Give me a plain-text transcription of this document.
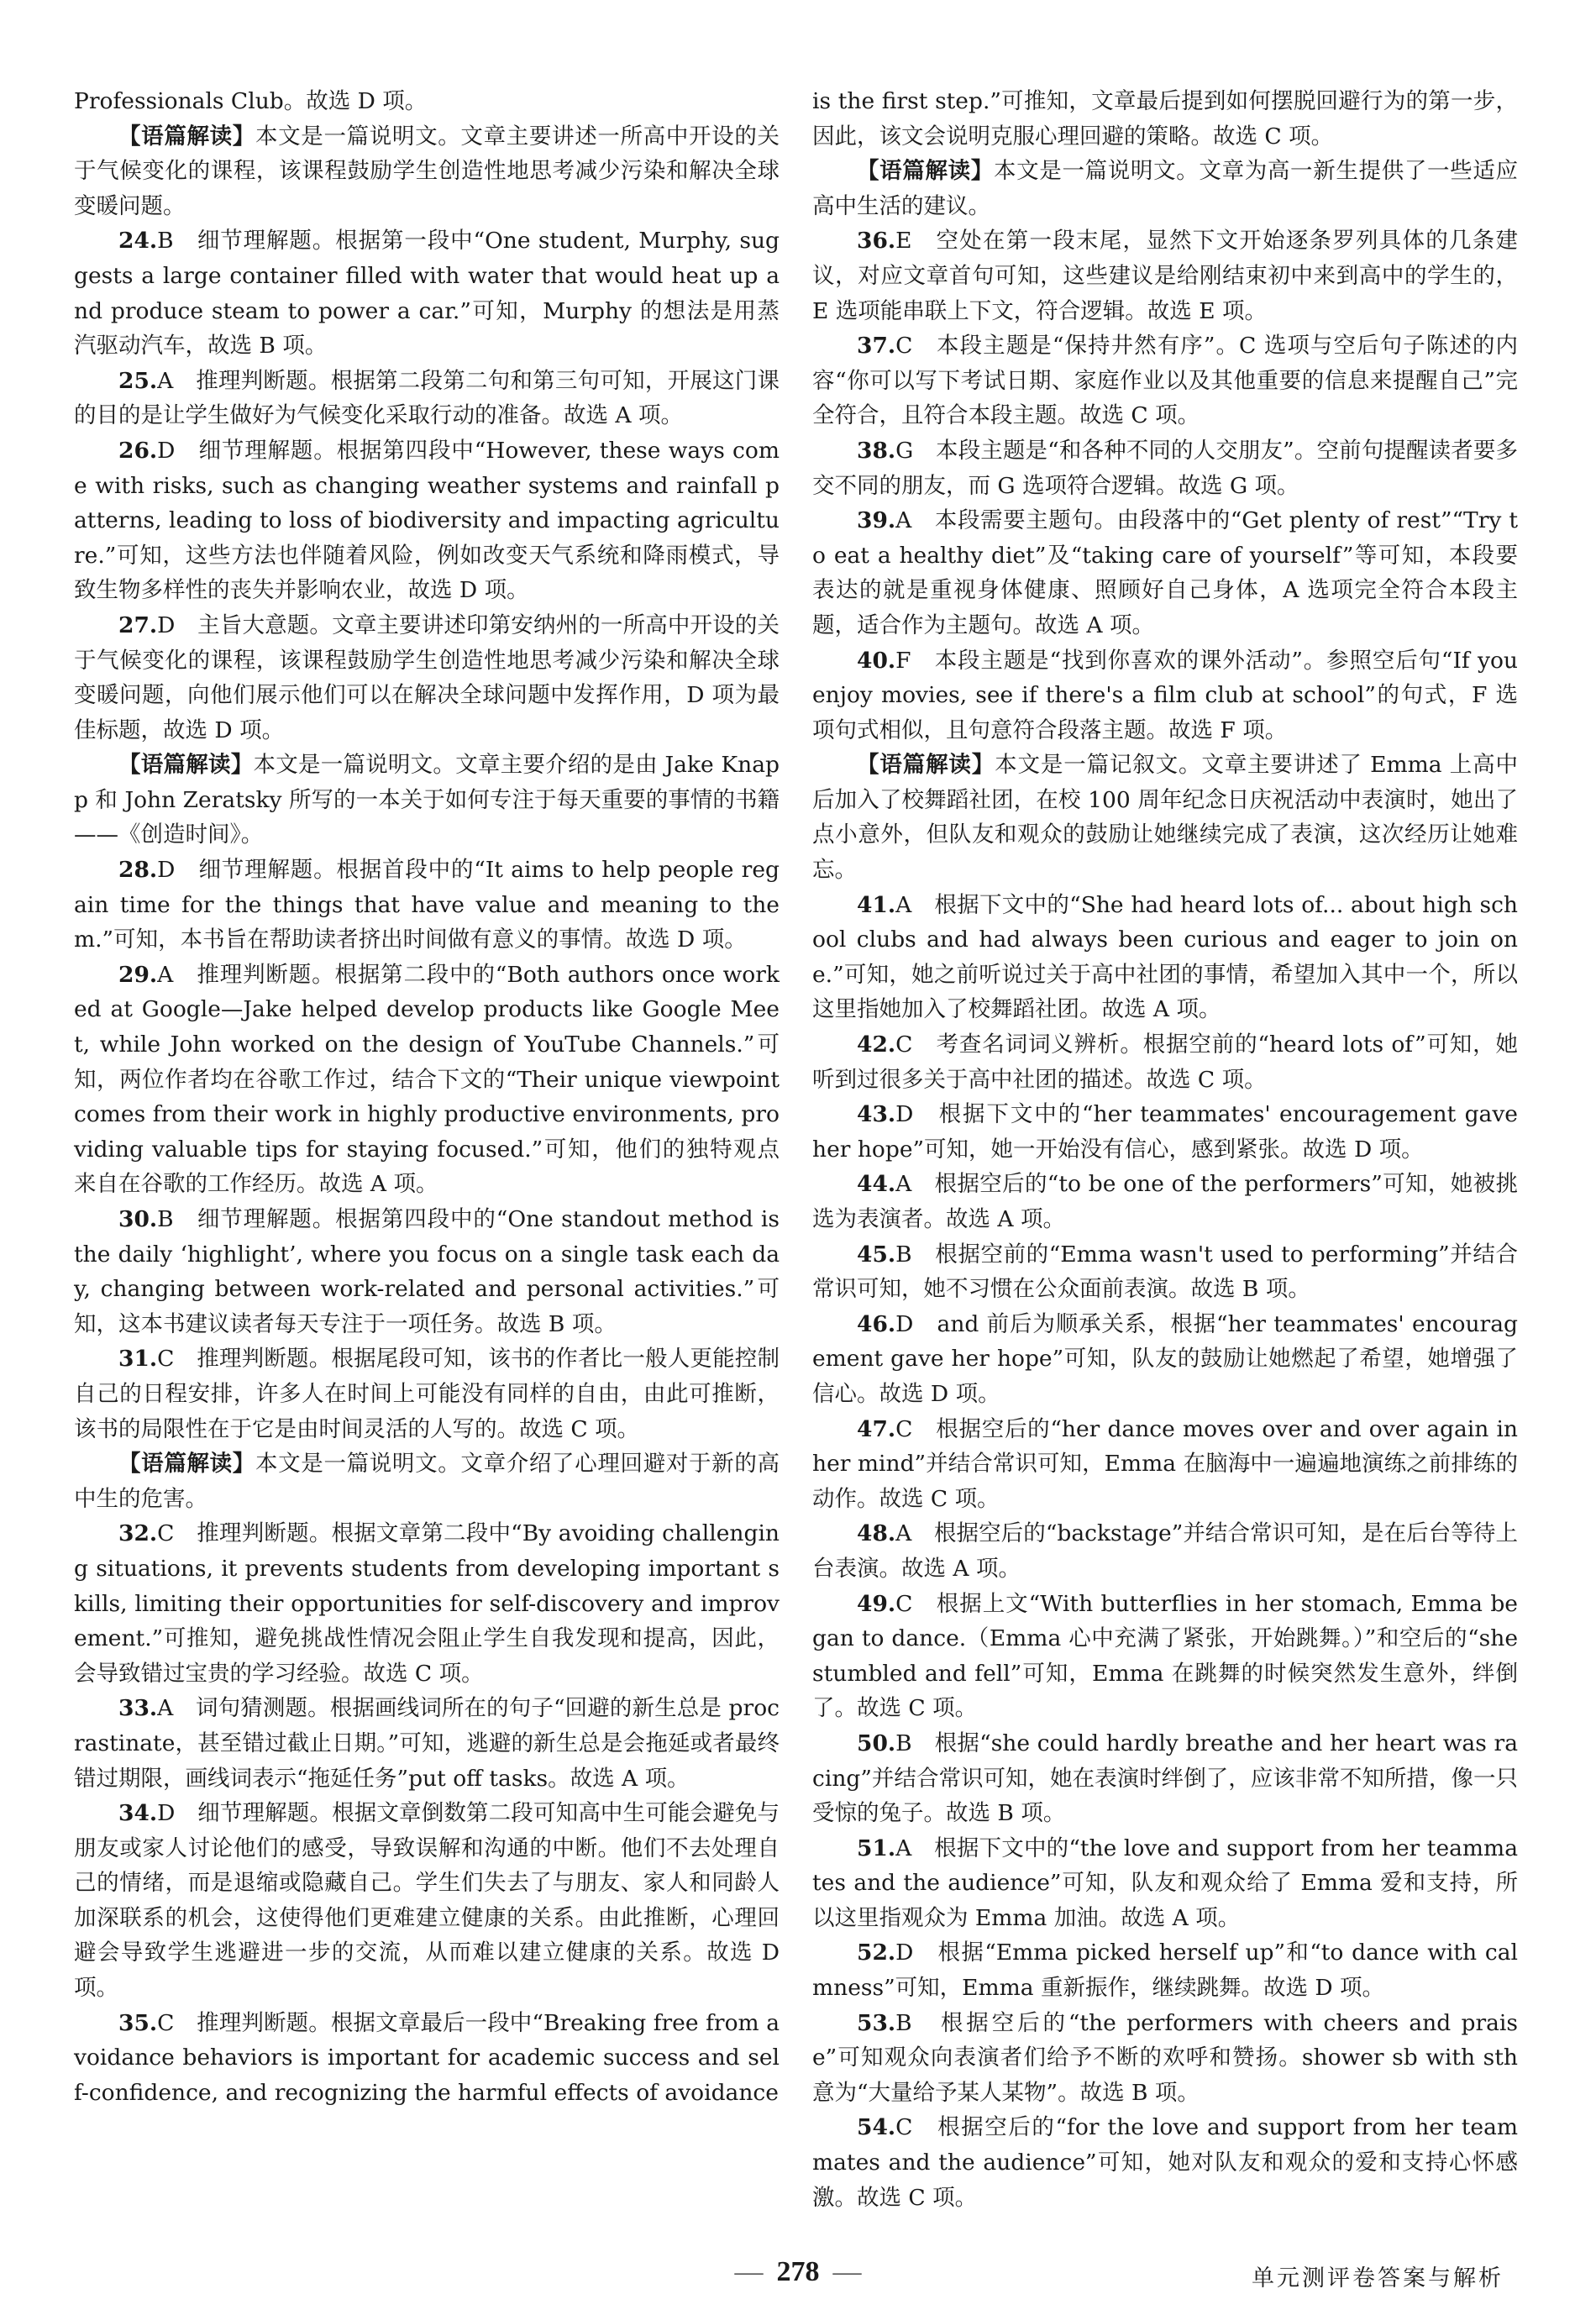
Professionals Club。故选 D 项。

【语篇解读】本文是一篇说明文。文章主要讲述一所高中开设的关于气候变化的课程，该课程鼓励学生创造性地思考减少污染和解决全球变暖问题。

24.B　细节理解题。根据第一段中“One student, Murphy, suggests a large container filled with water that would heat up and produce steam to power a car.”可知，Murphy 的想法是用蒸汽驱动汽车，故选 B 项。

25.A　推理判断题。根据第二段第二句和第三句可知，开展这门课的目的是让学生做好为气候变化采取行动的准备。故选 A 项。

26.D　细节理解题。根据第四段中“However, these ways come with risks, such as changing weather systems and rainfall patterns, leading to loss of biodiversity and impacting agriculture.”可知，这些方法也伴随着风险，例如改变天气系统和降雨模式，导致生物多样性的丧失并影响农业，故选 D 项。

27.D　主旨大意题。文章主要讲述印第安纳州的一所高中开设的关于气候变化的课程，该课程鼓励学生创造性地思考减少污染和解决全球变暖问题，向他们展示他们可以在解决全球问题中发挥作用，D 项为最佳标题，故选 D 项。

【语篇解读】本文是一篇说明文。文章主要介绍的是由 Jake Knapp 和 John Zeratsky 所写的一本关于如何专注于每天重要的事情的书籍——《创造时间》。

28.D　细节理解题。根据首段中的“It aims to help people regain time for the things that have value and meaning to them.”可知，本书旨在帮助读者挤出时间做有意义的事情。故选 D 项。

29.A　推理判断题。根据第二段中的“Both authors once worked at Google—Jake helped develop products like Google Meet, while John worked on the design of YouTube Channels.”可知，两位作者均在谷歌工作过，结合下文的“Their unique viewpoint comes from their work in highly productive environments, providing valuable tips for staying focused.”可知，他们的独特观点来自在谷歌的工作经历。故选 A 项。

30.B　细节理解题。根据第四段中的“One standout method is the daily ‘highlight’, where you focus on a single task each day, changing between work-related and personal activities.”可知，这本书建议读者每天专注于一项任务。故选 B 项。

31.C　推理判断题。根据尾段可知，该书的作者比一般人更能控制自己的日程安排，许多人在时间上可能没有同样的自由，由此可推断，该书的局限性在于它是由时间灵活的人写的。故选 C 项。

【语篇解读】本文是一篇说明文。文章介绍了心理回避对于新的高中生的危害。

32.C　推理判断题。根据文章第二段中“By avoiding challenging situations, it prevents students from developing important skills, limiting their opportunities for self-discovery and improvement.”可推知，避免挑战性情况会阻止学生自我发现和提高，因此，会导致错过宝贵的学习经验。故选 C 项。

33.A　词句猜测题。根据画线词所在的句子“回避的新生总是 procrastinate，甚至错过截止日期。”可知，逃避的新生总是会拖延或者最终错过期限，画线词表示“拖延任务”put off tasks。故选 A 项。

34.D　细节理解题。根据文章倒数第二段可知高中生可能会避免与朋友或家人讨论他们的感受，导致误解和沟通的中断。他们不去处理自己的情绪，而是退缩或隐藏自己。学生们失去了与朋友、家人和同龄人加深联系的机会，这使得他们更难建立健康的关系。由此推断，心理回避会导致学生逃避进一步的交流，从而难以建立健康的关系。故选 D 项。

35.C　推理判断题。根据文章最后一段中“Breaking free from avoidance behaviors is important for academic success and self-confidence, and recognizing the harmful effects of avoidance

is the first step.”可推知，文章最后提到如何摆脱回避行为的第一步，因此，该文会说明克服心理回避的策略。故选 C 项。

【语篇解读】本文是一篇说明文。文章为高一新生提供了一些适应高中生活的建议。

36.E　空处在第一段末尾，显然下文开始逐条罗列具体的几条建议，对应文章首句可知，这些建议是给刚结束初中来到高中的学生的，E 选项能串联上下文，符合逻辑。故选 E 项。

37.C　本段主题是“保持井然有序”。C 选项与空后句子陈述的内容“你可以写下考试日期、家庭作业以及其他重要的信息来提醒自己”完全符合，且符合本段主题。故选 C 项。

38.G　本段主题是“和各种不同的人交朋友”。空前句提醒读者要多交不同的朋友，而 G 选项符合逻辑。故选 G 项。

39.A　本段需要主题句。由段落中的“Get plenty of rest”“Try to eat a healthy diet”及“taking care of yourself”等可知，本段要表达的就是重视身体健康、照顾好自己身体，A 选项完全符合本段主题，适合作为主题句。故选 A 项。

40.F　本段主题是“找到你喜欢的课外活动”。参照空后句“If you enjoy movies, see if there's a film club at school”的句式，F 选项句式相似，且句意符合段落主题。故选 F 项。

【语篇解读】本文是一篇记叙文。文章主要讲述了 Emma 上高中后加入了校舞蹈社团，在校 100 周年纪念日庆祝活动中表演时，她出了点小意外，但队友和观众的鼓励让她继续完成了表演，这次经历让她难忘。

41.A　根据下文中的“She had heard lots of... about high school clubs and had always been curious and eager to join one.”可知，她之前听说过关于高中社团的事情，希望加入其中一个，所以这里指她加入了校舞蹈社团。故选 A 项。

42.C　考查名词词义辨析。根据空前的“heard lots of”可知，她听到过很多关于高中社团的描述。故选 C 项。

43.D　根据下文中的“her teammates' encouragement gave her hope”可知，她一开始没有信心，感到紧张。故选 D 项。

44.A　根据空后的“to be one of the performers”可知，她被挑选为表演者。故选 A 项。

45.B　根据空前的“Emma wasn't used to performing”并结合常识可知，她不习惯在公众面前表演。故选 B 项。

46.D　and 前后为顺承关系，根据“her teammates' encouragement gave her hope”可知，队友的鼓励让她燃起了希望，她增强了信心。故选 D 项。

47.C　根据空后的“her dance moves over and over again in her mind”并结合常识可知，Emma 在脑海中一遍遍地演练之前排练的动作。故选 C 项。

48.A　根据空后的“backstage”并结合常识可知，是在后台等待上台表演。故选 A 项。

49.C　根据上文“With butterflies in her stomach, Emma began to dance.（Emma 心中充满了紧张，开始跳舞。）”和空后的“she stumbled and fell”可知，Emma 在跳舞的时候突然发生意外，绊倒了。故选 C 项。

50.B　根据“she could hardly breathe and her heart was racing”并结合常识可知，她在表演时绊倒了，应该非常不知所措，像一只受惊的兔子。故选 B 项。

51.A　根据下文中的“the love and support from her teammates and the audience”可知，队友和观众给了 Emma 爱和支持，所以这里指观众为 Emma 加油。故选 A 项。

52.D　根据“Emma picked herself up”和“to dance with calmness”可知，Emma 重新振作，继续跳舞。故选 D 项。

53.B　根据空后的“the performers with cheers and praise”可知观众向表演者们给予不断的欢呼和赞扬。shower sb with sth 意为“大量给予某人某物”。故选 B 项。

54.C　根据空后的“for the love and support from her teammates and the audience”可知，她对队友和观众的爱和支持心怀感激。故选 C 项。

— 278 —	单元测评卷答案与解析
